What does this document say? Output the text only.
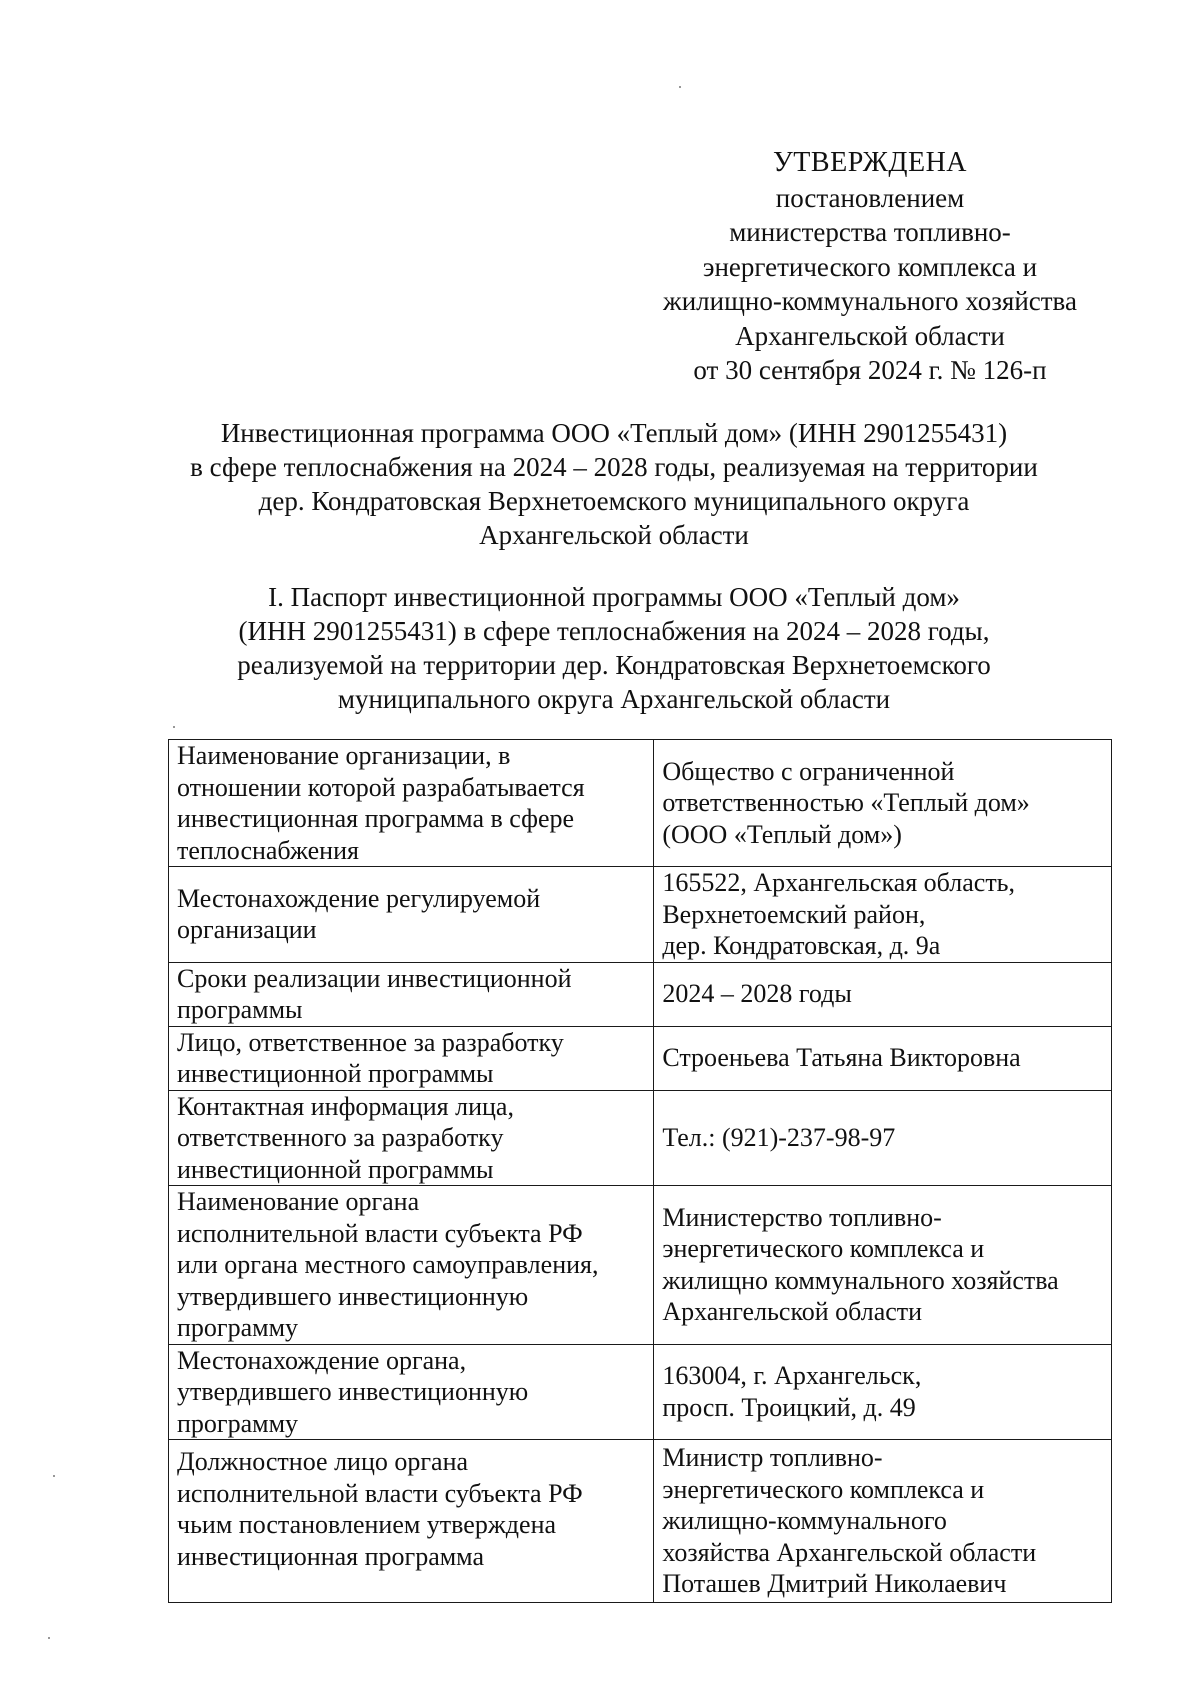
УТВЕРЖДЕНА
постановлением
министерства топливно-
энергетического комплекса и
жилищно-коммунального хозяйства
Архангельской области
от 30 сентября 2024 г. № 126-п
Инвестиционная программа ООО «Теплый дом» (ИНН 2901255431)
в сфере теплоснабжения на 2024 – 2028 годы, реализуемая на территории
дер. Кондратовская Верхнетоемского муниципального округа
Архангельской области
I. Паспорт инвестиционной программы ООО «Теплый дом»
(ИНН 2901255431) в сфере теплоснабжения на 2024 – 2028 годы,
реализуемой на территории дер. Кондратовская Верхнетоемского
муниципального округа Архангельской области
Наименование организации, в
отношении которой разрабатывается
инвестиционная программа в сфере
теплоснабжения	Общество с ограниченной
ответственностью «Теплый дом»
(ООО «Теплый дом»)

Местонахождение регулируемой
организации	165522, Архангельская область,
Верхнетоемский район,
дер. Кондратовская, д. 9а

Сроки реализации инвестиционной
программы	2024 – 2028 годы

Лицо, ответственное за разработку
инвестиционной программы	Строеньева Татьяна Викторовна

Контактная информация лица,
ответственного за разработку
инвестиционной программы	Тел.: (921)-237-98-97

Наименование органа
исполнительной власти субъекта РФ
или органа местного самоуправления,
утвердившего инвестиционную
программу	Министерство топливно-
энергетического комплекса и
жилищно коммунального хозяйства
Архангельской области

Местонахождение органа,
утвердившего инвестиционную
программу	163004, г. Архангельск,
просп. Троицкий, д. 49

Должностное лицо органа
исполнительной власти субъекта РФ
чьим постановлением утверждена
инвестиционная программа	Министр топливно-
энергетического комплекса и
жилищно-коммунального
хозяйства Архангельской области
Поташев Дмитрий Николаевич
